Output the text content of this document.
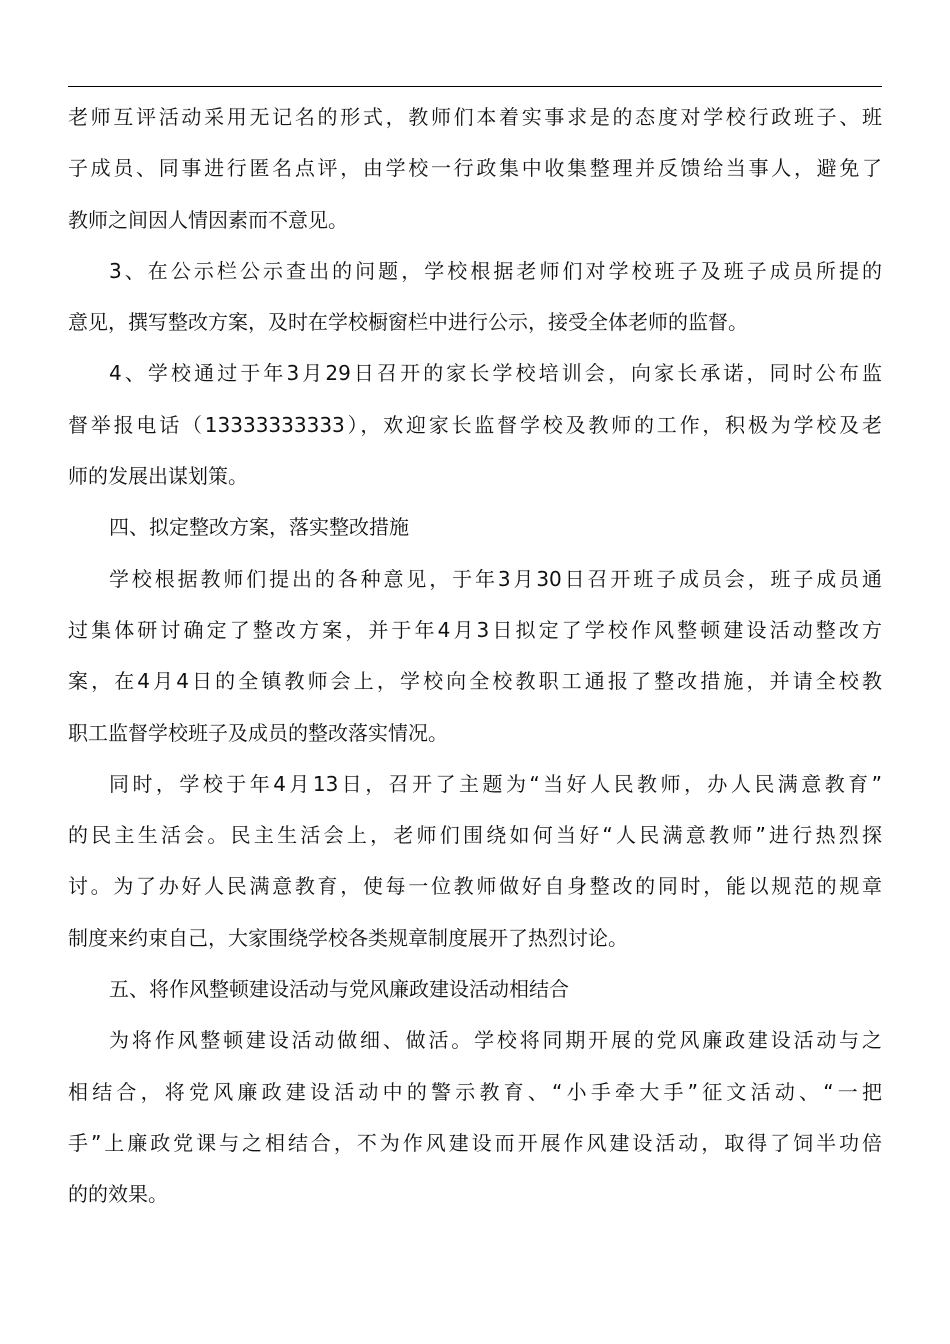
老师互评活动采用无记名的形式，教师们本着实事求是的态度对学校行政班子、班
子成员、同事进行匿名点评，由学校一行政集中收集整理并反馈给当事人，避免了
教师之间因人情因素而不意见。
3、在公示栏公示查出的问题，学校根据老师们对学校班子及班子成员所提的
意见，撰写整改方案，及时在学校橱窗栏中进行公示，接受全体老师的监督。
4、学校通过于年3月29日召开的家长学校培训会，向家长承诺，同时公布监
督举报电话（13333333333），欢迎家长监督学校及教师的工作，积极为学校及老
师的发展出谋划策。
四、拟定整改方案，落实整改措施
学校根据教师们提出的各种意见，于年3月30日召开班子成员会，班子成员通
过集体研讨确定了整改方案，并于年4月3日拟定了学校作风整顿建设活动整改方
案，在4月4日的全镇教师会上，学校向全校教职工通报了整改措施，并请全校教
职工监督学校班子及成员的整改落实情况。
同时，学校于年4月13日，召开了主题为“当好人民教师，办人民满意教育”
的民主生活会。民主生活会上，老师们围绕如何当好“人民满意教师”进行热烈探
讨。为了办好人民满意教育，使每一位教师做好自身整改的同时，能以规范的规章
制度来约束自己，大家围绕学校各类规章制度展开了热烈讨论。
五、将作风整顿建设活动与党风廉政建设活动相结合
为将作风整顿建设活动做细、做活。学校将同期开展的党风廉政建设活动与之
相结合，将党风廉政建设活动中的警示教育、“小手牵大手”征文活动、“一把
手”上廉政党课与之相结合，不为作风建设而开展作风建设活动，取得了饲半功倍
的的效果。
